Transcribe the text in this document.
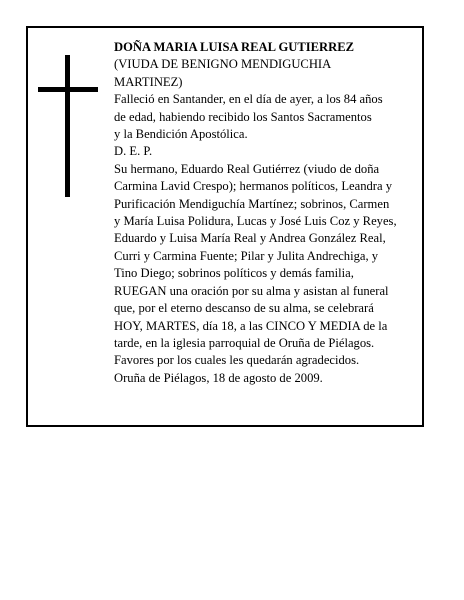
DOÑA MARIA LUISA REAL GUTIERREZ
(VIUDA DE BENIGNO MENDIGUCHIA
MARTINEZ)
Falleció en Santander, en el día de ayer, a los 84 años
de edad, habiendo recibido los Santos Sacramentos
y la Bendición Apostólica.
D. E. P.
Su hermano, Eduardo Real Gutiérrez (viudo de doña
Carmina Lavid Crespo); hermanos políticos, Leandra y
Purificación Mendiguchía Martínez; sobrinos, Carmen
y María Luisa Polidura, Lucas y José Luis Coz y Reyes,
Eduardo y Luisa María Real y Andrea González Real,
Curri y Carmina Fuente; Pilar y Julita Andrechiga, y
Tino Diego; sobrinos políticos y demás familia,
RUEGAN una oración por su alma y asistan al funeral
que, por el eterno descanso de su alma, se celebrará
HOY, MARTES, día 18, a las CINCO Y MEDIA de la
tarde, en la iglesia parroquial de Oruña de Piélagos.
Favores por los cuales les quedarán agradecidos.
Oruña de Piélagos, 18 de agosto de 2009.
